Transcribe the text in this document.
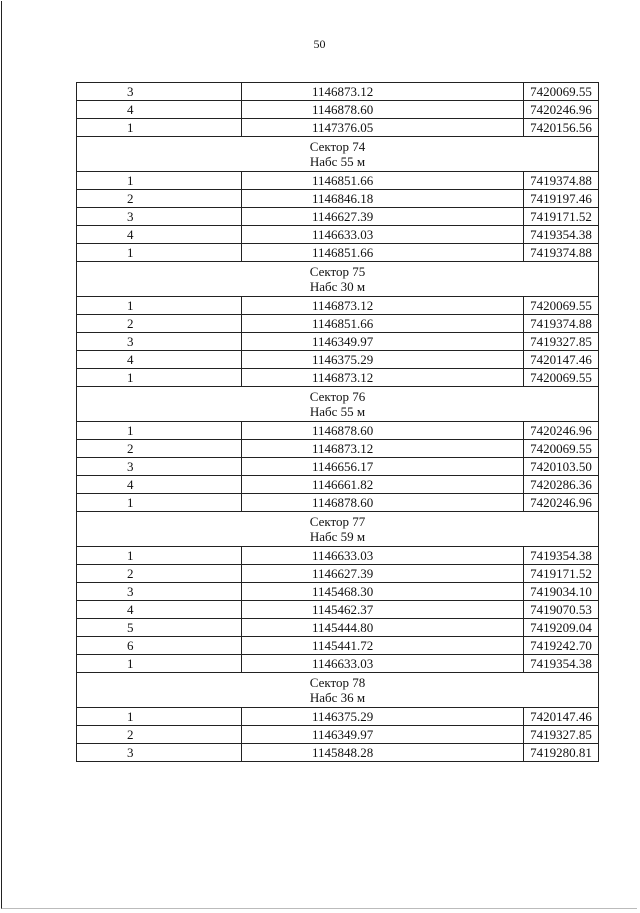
50
3	1146873.12	7420069.55
4	1146878.60	7420246.96
1	1147376.05	7420156.56

Сектор 74
Набс 55 м		

1	1146851.66	7419374.88
2	1146846.18	7419197.46
3	1146627.39	7419171.52
4	1146633.03	7419354.38
1	1146851.66	7419374.88

Сектор 75
Набс 30 м		

1	1146873.12	7420069.55
2	1146851.66	7419374.88
3	1146349.97	7419327.85
4	1146375.29	7420147.46
1	1146873.12	7420069.55

Сектор 76
Набс 55 м		

1	1146878.60	7420246.96
2	1146873.12	7420069.55
3	1146656.17	7420103.50
4	1146661.82	7420286.36
1	1146878.60	7420246.96

Сектор 77
Набс 59 м		

1	1146633.03	7419354.38
2	1146627.39	7419171.52
3	1145468.30	7419034.10
4	1145462.37	7419070.53
5	1145444.80	7419209.04
6	1145441.72	7419242.70
1	1146633.03	7419354.38

Сектор 78
Набс 36 м		

1	1146375.29	7420147.46
2	1146349.97	7419327.85
3	1145848.28	7419280.81
